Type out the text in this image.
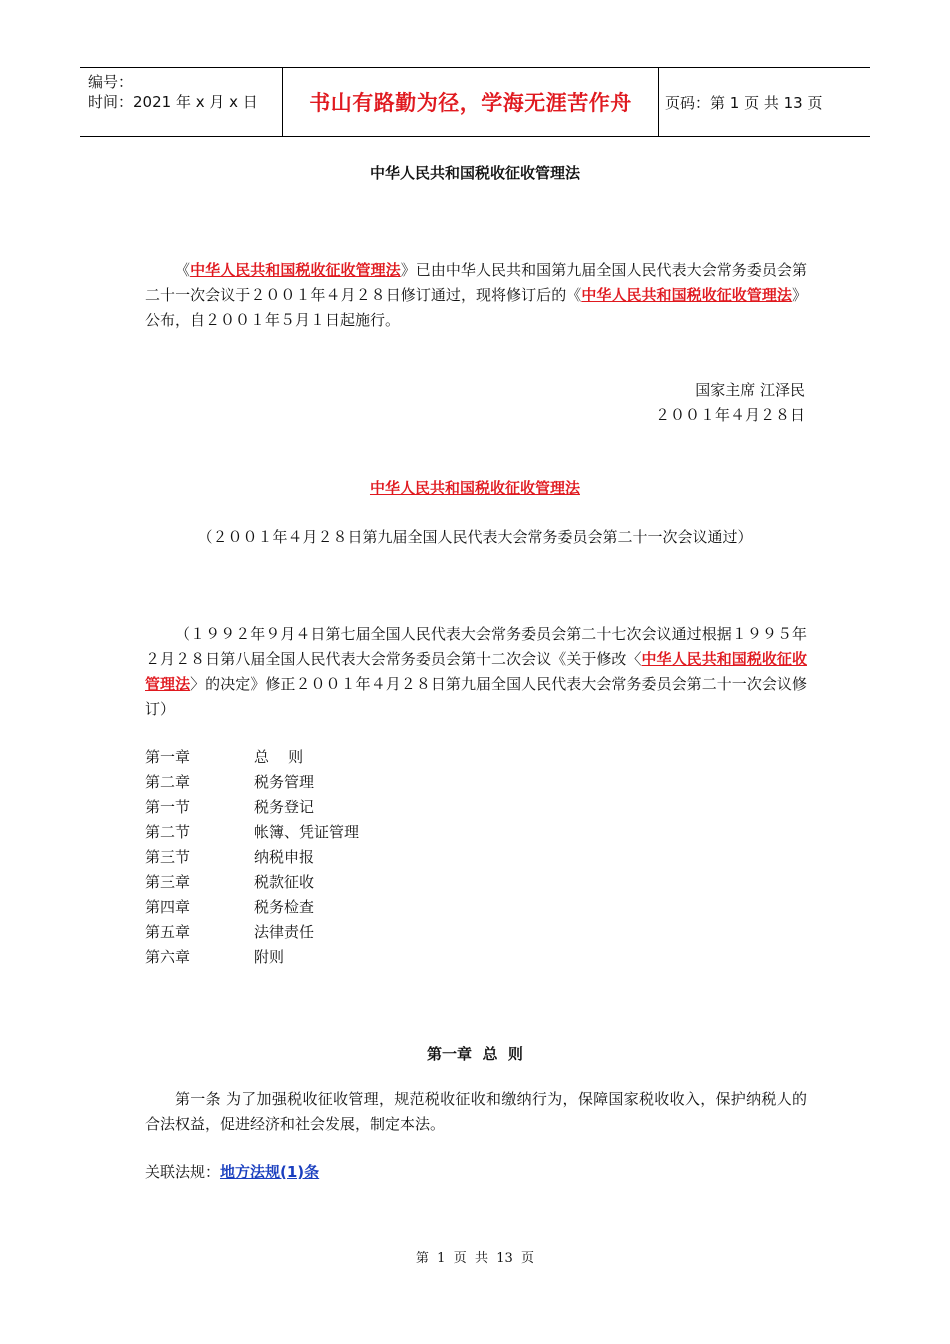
编号：
时间：2021 年 x 月 x 日	书山有路勤为径，学海无涯苦作舟	页码：第 1 页 共 13 页
中华人民共和国税收征收管理法

《中华人民共和国税收征收管理法》已由中华人民共和国第九届全国人民代表大会常务委员会第二十一次会议于２００１年４月２８日修订通过，现将修订后的《中华人民共和国税收征收管理法》公布，自２００１年５月１日起施行。

国家主席 江泽民
２００１年４月２８日
中华人民共和国税收征收管理法
（２００１年４月２８日第九届全国人民代表大会常务委员会第二十一次会议通过）

（１９９２年９月４日第七届全国人民代表大会常务委员会第二十七次会议通过根据１９９５年２月２８日第八届全国人民代表大会常务委员会第十二次会议《关于修改〈中华人民共和国税收征收管理法〉的决定》修正２００１年４月２８日第九届全国人民代表大会常务委员会第二十一次会议修订）

第一章	总    则
第二章	税务管理
第一节	税务登记
第二节	帐簿、凭证管理
第三节	纳税申报
第三章	税款征收
第四章	税务检查
第五章	法律责任
第六章	附则
第一章  总  则

第一条 为了加强税收征收管理，规范税收征收和缴纳行为，保障国家税收收入，保护纳税人的合法权益，促进经济和社会发展，制定本法。

关联法规：地方法规(1)条
第  1  页  共  13  页
